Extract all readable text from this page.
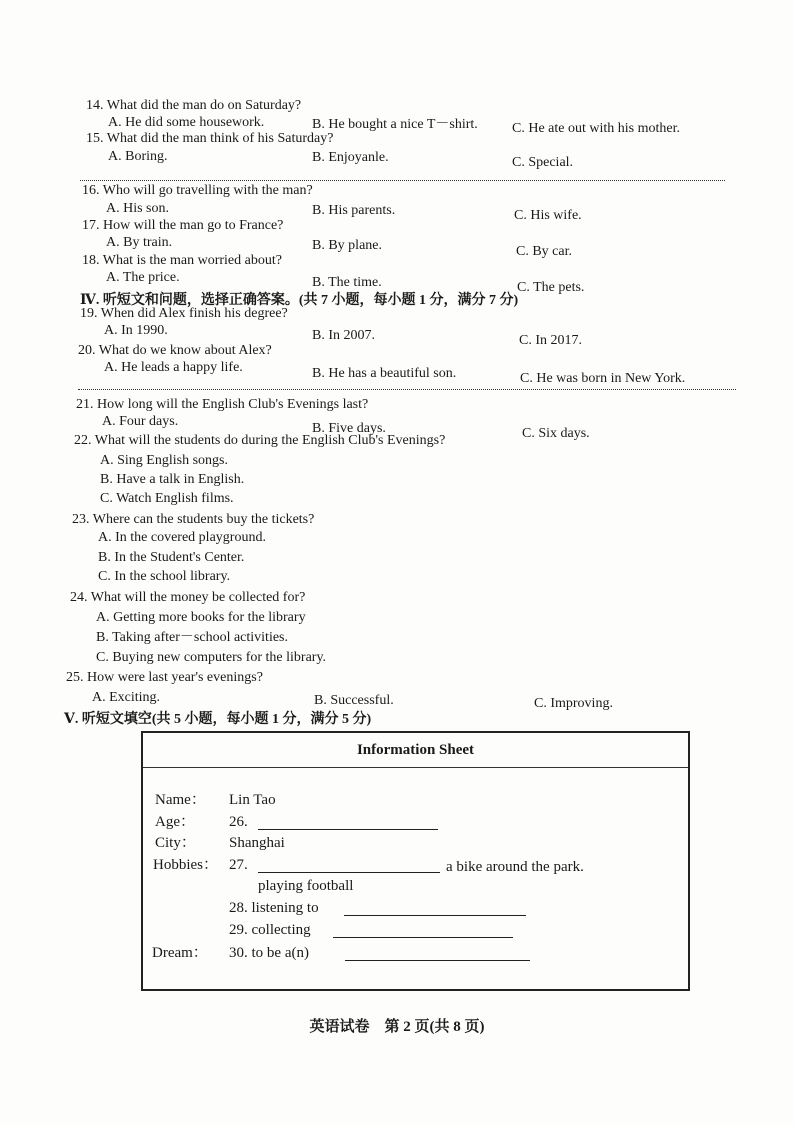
14. What did the man do on Saturday?
A. He did some housework.	B. He bought a nice T－shirt. C. He ate out with his mother.
15. What did the man think of his Saturday?
A. Boring.	B. Enjoyanle.	C. Special.
16. Who will go travelling with the man?
A. His son.	B. His parents.	C. His wife.
17. How will the man go to France?
A. By train.	B. By plane.	C. By car.
18. What is the man worried about?
A. The price.	B. The time.	C. The pets.
Ⅳ. 听短文和问题，选择正确答案。(共 7 小题，每小题 1 分，满分 7 分)
19. When did Alex finish his degree?
A. In 1990.	B. In 2007.	C. In 2017.
20. What do we know about Alex?
A. He leads a happy life.	B. He has a beautiful son.	C. He was born in New York.
21. How long will the English Club's Evenings last?
A. Four days.	B. Five days.	C. Six days.
22. What will the students do during the English Club's Evenings?
A. Sing English songs.
B. Have a talk in English.
C. Watch English films.
23. Where can the students buy the tickets?
A. In the covered playground.
B. In the Student's Center.
C. In the school library.
24. What will the money be collected for?
A. Getting more books for the library
B. Taking after－school activities.
C. Buying new computers for the library.
25. How were last year's evenings?
A. Exciting.	B. Successful.	C. Improving.
Ⅴ. 听短文填空(共 5 小题，每小题 1 分，满分 5 分)
Information Sheet
Name： Lin Tao
Age： 26.
City： Shanghai
Hobbies： 27.	a bike around the park.
playing football
28. listening to
29. collecting
Dream： 30. to be a(n)
英语试卷　第 2 页(共 8 页)
